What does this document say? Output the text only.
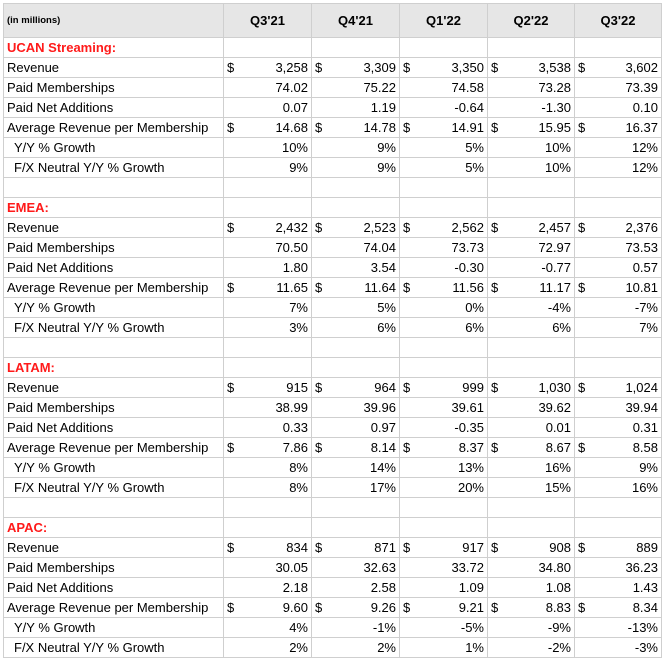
(in millions)	Q3'21	Q4'21	Q1'22	Q2'22	Q3'22
UCAN Streaming:					
Revenue	$ 3,258	$ 3,309	$ 3,350	$ 3,538	$ 3,602

Paid Memberships	74.02	75.22	74.58	73.28	73.39
Paid Net Additions	0.07	1.19	-0.64	-1.30	0.10
Average Revenue per Membership	$ 14.68	$ 14.78	$ 14.91	$ 15.95	$ 16.37

Y/Y % Growth	10%	9%	5%	10%	12%
F/X Neutral Y/Y % Growth	9%	9%	5%	10%	12%

EMEA:					
Revenue	$ 2,432	$ 2,523	$ 2,562	$ 2,457	$ 2,376

Paid Memberships	70.50	74.04	73.73	72.97	73.53
Paid Net Additions	1.80	3.54	-0.30	-0.77	0.57
Average Revenue per Membership	$ 11.65	$ 11.64	$ 11.56	$ 11.17	$ 10.81

Y/Y % Growth	7%	5%	0%	-4%	-7%
F/X Neutral Y/Y % Growth	3%	6%	6%	6%	7%

LATAM:					
Revenue	$ 915	$ 964	$ 999	$ 1,030	$ 1,024

Paid Memberships	38.99	39.96	39.61	39.62	39.94
Paid Net Additions	0.33	0.97	-0.35	0.01	0.31
Average Revenue per Membership	$ 7.86	$ 8.14	$ 8.37	$ 8.67	$ 8.58

Y/Y % Growth	8%	14%	13%	16%	9%
F/X Neutral Y/Y % Growth	8%	17%	20%	15%	16%

APAC:					
Revenue	$ 834	$ 871	$ 917	$ 908	$ 889

Paid Memberships	30.05	32.63	33.72	34.80	36.23
Paid Net Additions	2.18	2.58	1.09	1.08	1.43
Average Revenue per Membership	$ 9.60	$ 9.26	$ 9.21	$ 8.83	$ 8.34

Y/Y % Growth	4%	-1%	-5%	-9%	-13%
F/X Neutral Y/Y % Growth	2%	2%	1%	-2%	-3%
